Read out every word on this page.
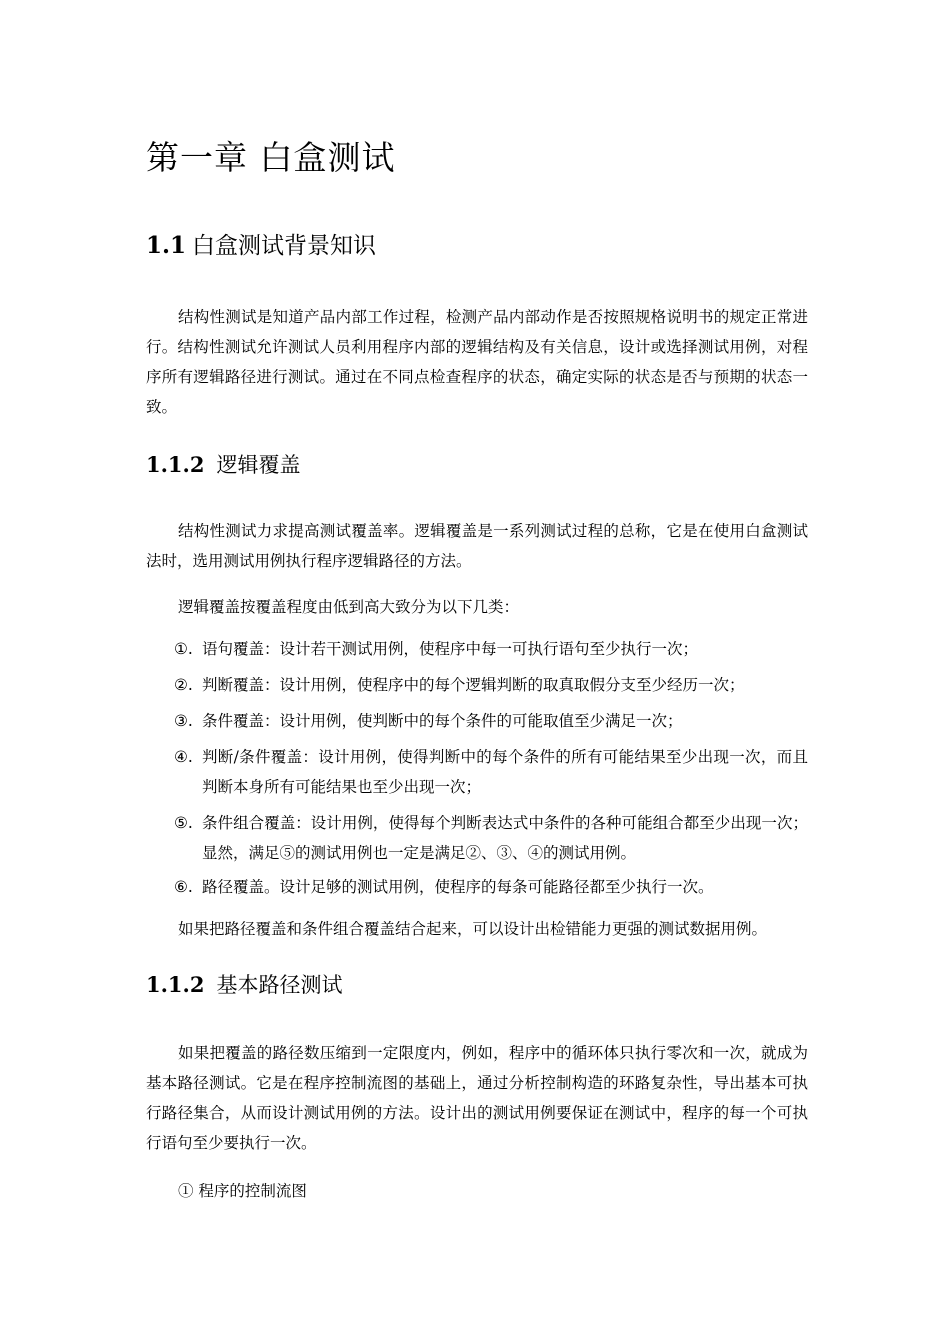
第一章 白盒测试
1.1 白盒测试背景知识
结构性测试是知道产品内部工作过程，检测产品内部动作是否按照规格说明书的规定正常进行。结构性测试允许测试人员利用程序内部的逻辑结构及有关信息，设计或选择测试用例，对程序所有逻辑路径进行测试。通过在不同点检查程序的状态，确定实际的状态是否与预期的状态一致。
1.1.2 逻辑覆盖
结构性测试力求提高测试覆盖率。逻辑覆盖是一系列测试过程的总称，它是在使用白盒测试法时，选用测试用例执行程序逻辑路径的方法。
逻辑覆盖按覆盖程度由低到高大致分为以下几类：
①. 语句覆盖：设计若干测试用例，使程序中每一可执行语句至少执行一次；
②. 判断覆盖：设计用例，使程序中的每个逻辑判断的取真取假分支至少经历一次；
③. 条件覆盖：设计用例，使判断中的每个条件的可能取值至少满足一次；
④. 判断/条件覆盖：设计用例，使得判断中的每个条件的所有可能结果至少出现一次，而且判断本身所有可能结果也至少出现一次；
⑤. 条件组合覆盖：设计用例，使得每个判断表达式中条件的各种可能组合都至少出现一次；显然，满足⑤的测试用例也一定是满足②、③、④的测试用例。
⑥. 路径覆盖。设计足够的测试用例，使程序的每条可能路径都至少执行一次。
如果把路径覆盖和条件组合覆盖结合起来，可以设计出检错能力更强的测试数据用例。
1.1.2 基本路径测试
如果把覆盖的路径数压缩到一定限度内，例如，程序中的循环体只执行零次和一次，就成为基本路径测试。它是在程序控制流图的基础上，通过分析控制构造的环路复杂性，导出基本可执行路径集合，从而设计测试用例的方法。设计出的测试用例要保证在测试中，程序的每一个可执行语句至少要执行一次。
① 程序的控制流图
